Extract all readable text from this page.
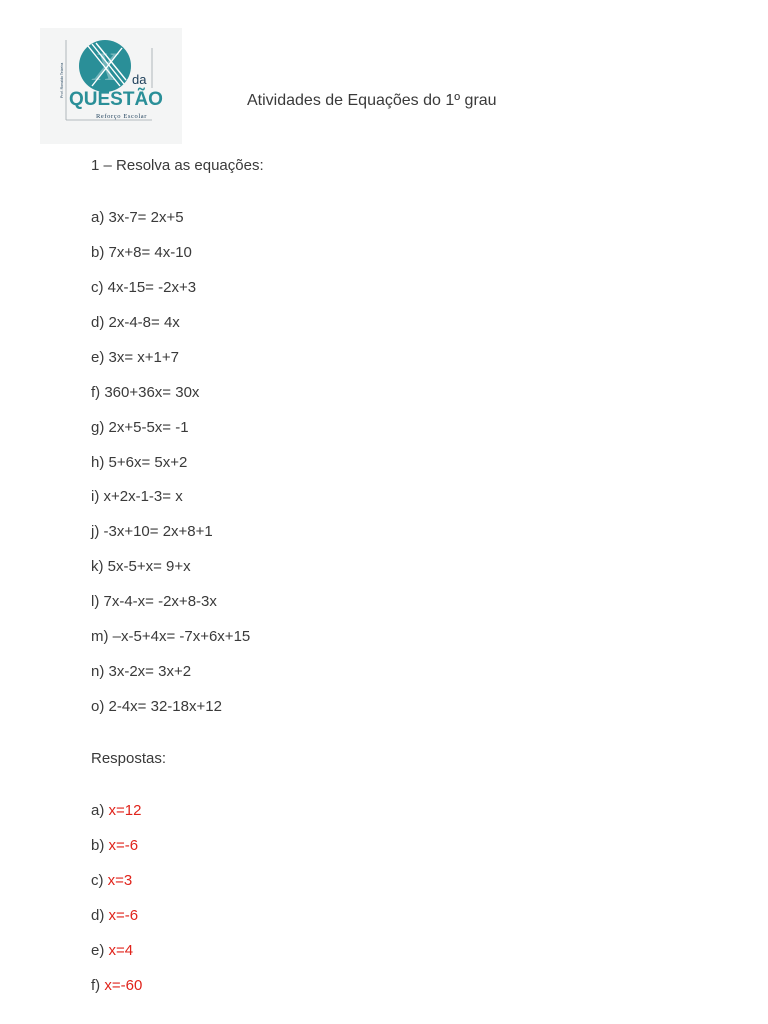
X da
QUESTÃO
Reforço Escolar
Prof. Ronaldo Teixeira
Atividades de Equações do 1º grau
1 – Resolva as equações:
a) 3x-7= 2x+5
b) 7x+8= 4x-10
c) 4x-15= -2x+3
d) 2x-4-8= 4x
e) 3x= x+1+7
f) 360+36x= 30x
g) 2x+5-5x= -1
h) 5+6x= 5x+2
i) x+2x-1-3= x
j) -3x+10= 2x+8+1
k) 5x-5+x= 9+x
l) 7x-4-x= -2x+8-3x
m) –x-5+4x= -7x+6x+15
n) 3x-2x= 3x+2
o) 2-4x= 32-18x+12
Respostas:
a) x=12
b) x=-6
c) x=3
d) x=-6
e) x=4
f) x=-60
